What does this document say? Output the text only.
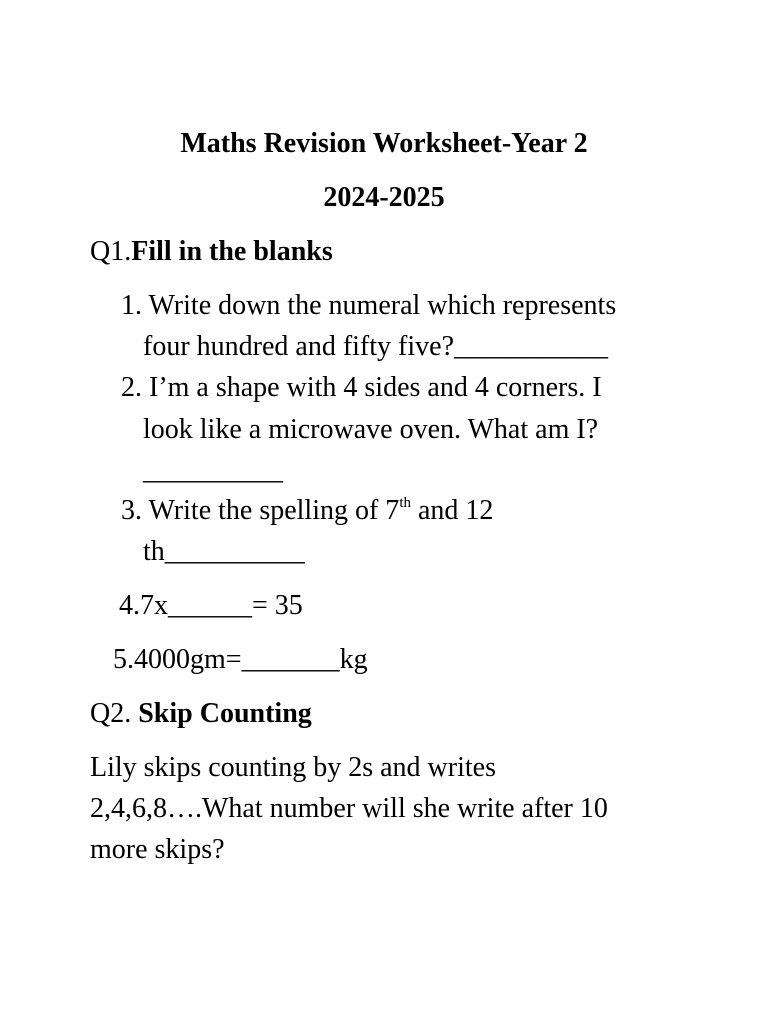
Maths Revision Worksheet-Year 2
2024-2025
Q1.Fill in the blanks
1. Write down the numeral which represents
four hundred and fifty five?___________
2. I’m a shape with 4 sides and 4 corners. I
look like a microwave oven. What am I?
__________
3. Write the spelling of 7th and 12
th__________
4.7x______= 35
5.4000gm=_______kg
Q2. Skip Counting
Lily skips counting by 2s and writes
2,4,6,8….What number will she write after 10
more skips?
